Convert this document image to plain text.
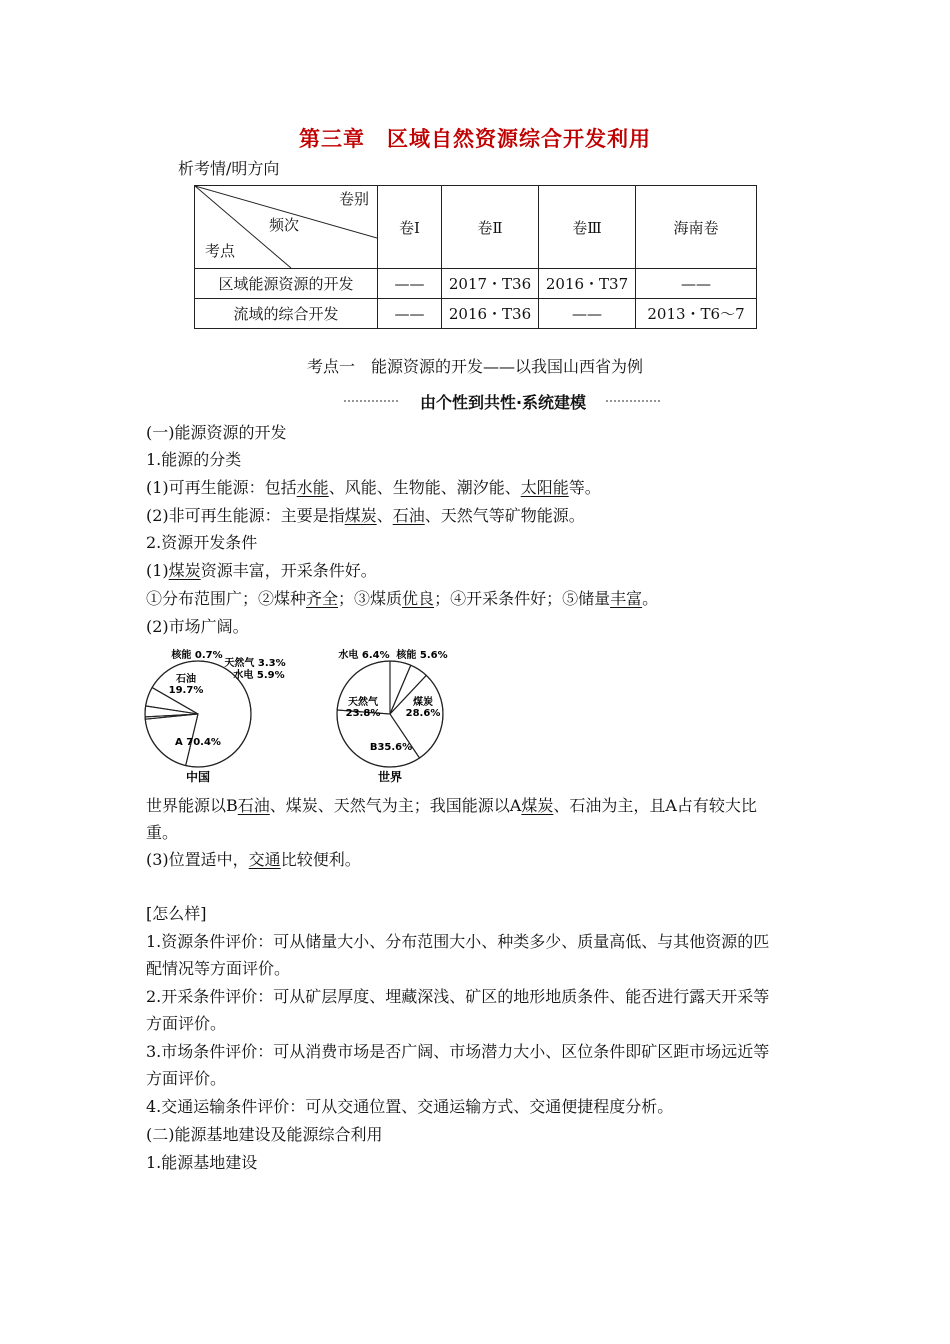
第三章　区域自然资源综合开发利用
析考情/明方向
卷别
频次
考点	卷Ⅰ	卷Ⅱ	卷Ⅲ	海南卷
区域能源资源的开发	——	2017・T36	2016・T37	——
流域的综合开发	——	2016・T36	——	2013・T6～7
考点一　能源资源的开发——以我国山西省为例
由个性到共性·系统建模
(一)能源资源的开发
1.能源的分类
(1)可再生能源：包括水能、风能、生物能、潮汐能、太阳能等。
(2)非可再生能源：主要是指煤炭、石油、天然气等矿物能源。
2.资源开发条件
(1)煤炭资源丰富，开采条件好。
①分布范围广；②煤种齐全；③煤质优良；④开采条件好；⑤储量丰富。
(2)市场广阔。
A 70.4%
石油 19.7%
核能 0.7%
天然气 3.3%
水电 5.9%
中国
水电 6.4% 核能 5.6%
煤炭 28.6%
B35.6%
天然气 23.8%
世界
世界能源以B石油、煤炭、天然气为主；我国能源以A煤炭、石油为主，且A占有较大比
重。
(3)位置适中，交通比较便利。
[怎么样]
1.资源条件评价：可从储量大小、分布范围大小、种类多少、质量高低、与其他资源的匹
配情况等方面评价。
2.开采条件评价：可从矿层厚度、埋藏深浅、矿区的地形地质条件、能否进行露天开采等
方面评价。
3.市场条件评价：可从消费市场是否广阔、市场潜力大小、区位条件即矿区距市场远近等
方面评价。
4.交通运输条件评价：可从交通位置、交通运输方式、交通便捷程度分析。
(二)能源基地建设及能源综合利用
1.能源基地建设
